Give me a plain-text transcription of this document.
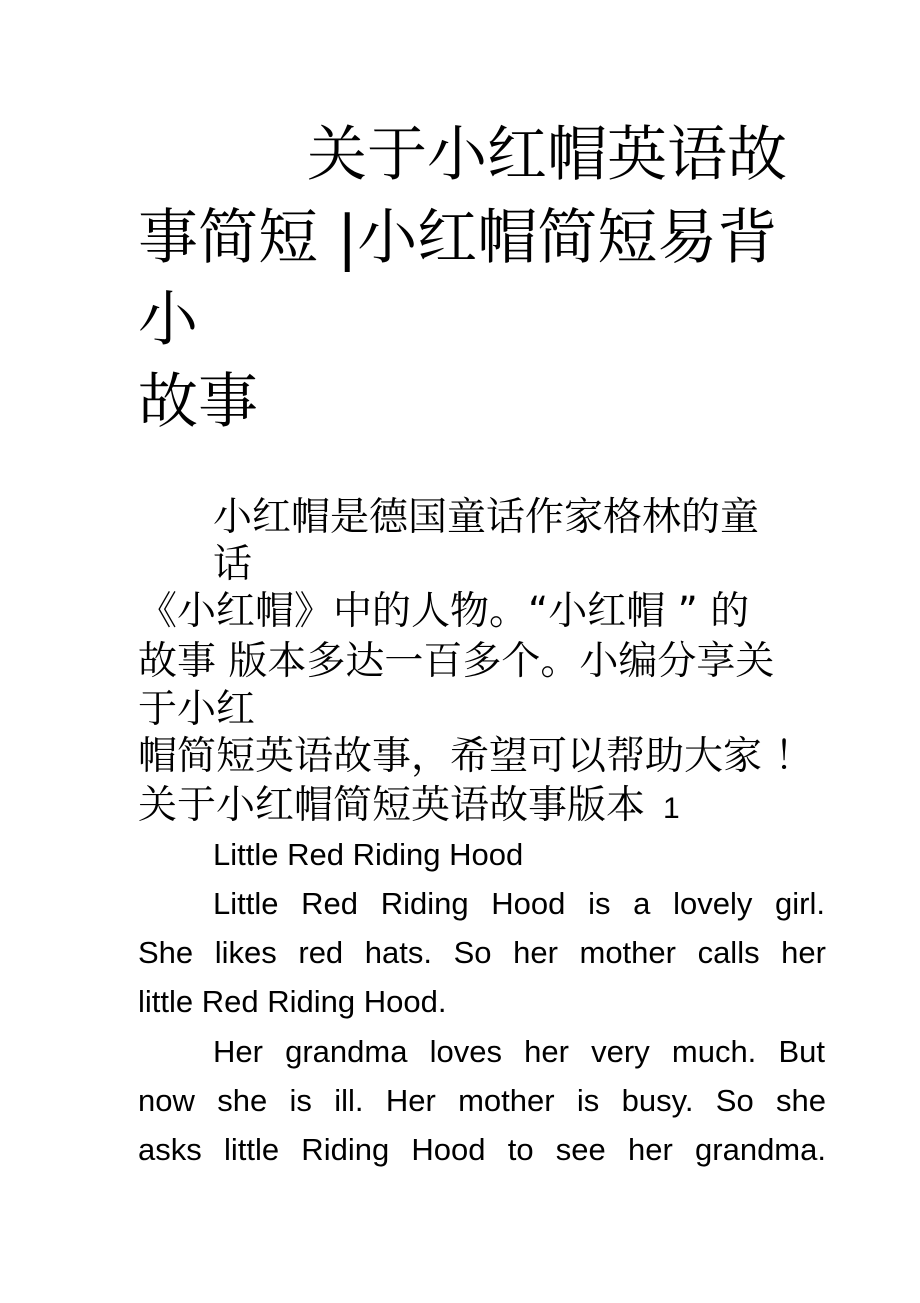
关于小红帽英语故
事简短 |小红帽简短易背
小
故事
小红帽是德国童话作家格林的童
话
《小红帽》中的人物。“小红帽 ” 的
故事 版本多达一百多个。小编分享关
于小红
帽简短英语故事，希望可以帮助大家 ！
关于小红帽简短英语故事版本 1
Little Red Riding Hood
Little Red Riding Hood is a lovely girl.
She likes red hats. So her mother calls her
little Red Riding Hood.
Her grandma loves her very much. But
now she is ill. Her mother is busy. So she
asks little Riding Hood to see her grandma.
